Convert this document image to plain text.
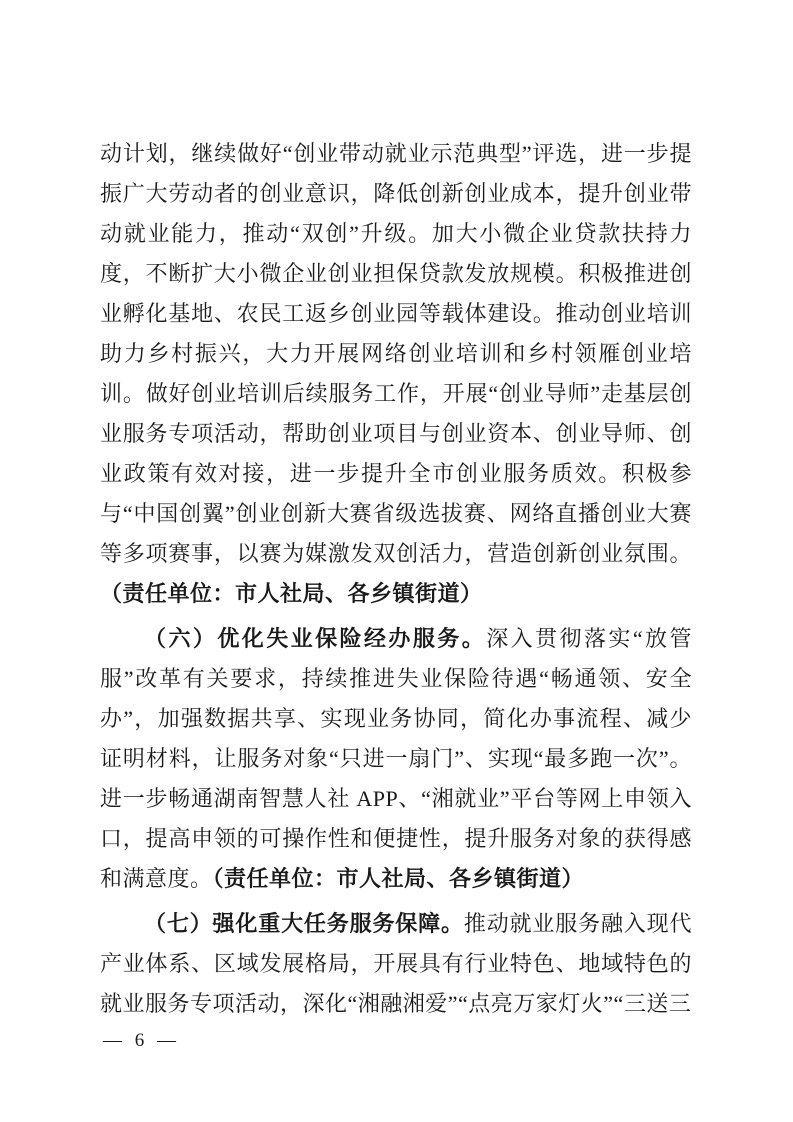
动计划，继续做好“创业带动就业示范典型”评选，进一步提振广大劳动者的创业意识，降低创新创业成本，提升创业带动就业能力，推动“双创”升级。加大小微企业贷款扶持力度，不断扩大小微企业创业担保贷款发放规模。积极推进创业孵化基地、农民工返乡创业园等载体建设。推动创业培训助力乡村振兴，大力开展网络创业培训和乡村领雁创业培训。做好创业培训后续服务工作，开展“创业导师”走基层创业服务专项活动，帮助创业项目与创业资本、创业导师、创业政策有效对接，进一步提升全市创业服务质效。积极参与“中国创翼”创业创新大赛省级选拔赛、网络直播创业大赛等多项赛事，以赛为媒激发双创活力，营造创新创业氛围。（责任单位：市人社局、各乡镇街道）

（六）优化失业保险经办服务。深入贯彻落实“放管服”改革有关要求，持续推进失业保险待遇“畅通领、安全办”，加强数据共享、实现业务协同，简化办事流程、减少证明材料，让服务对象“只进一扇门”、实现“最多跑一次”。进一步畅通湖南智慧人社 APP、“湘就业”平台等网上申领入口，提高申领的可操作性和便捷性，提升服务对象的获得感和满意度。（责任单位：市人社局、各乡镇街道）

（七）强化重大任务服务保障。推动就业服务融入现代产业体系、区域发展格局，开展具有行业特色、地域特色的就业服务专项活动，深化“湘融湘爱”“点亮万家灯火”“三送三

— 6 —
